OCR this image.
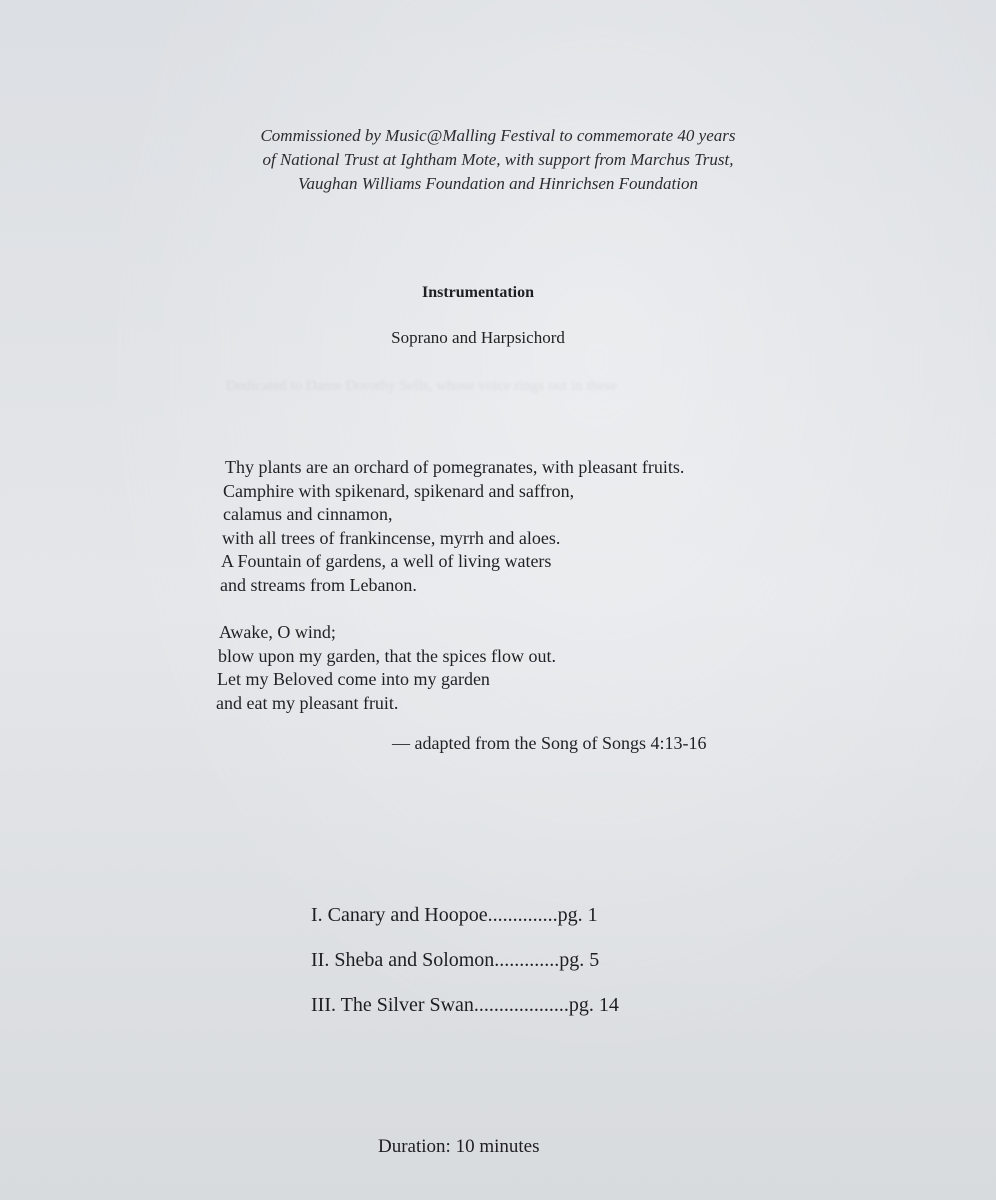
Commissioned by Music@Malling Festival to commemorate 40 years
of National Trust at Ightham Mote, with support from Marchus Trust,
Vaughan Williams Foundation and Hinrichsen Foundation
Instrumentation
Soprano and Harpsichord
Dedicated to Dame Dorothy Sells, whose voice rings out in these
Thy plants are an orchard of pomegranates, with pleasant fruits.
Camphire with spikenard, spikenard and saffron,
calamus and cinnamon,
with all trees of frankincense, myrrh and aloes.
A Fountain of gardens, a well of living waters
and streams from Lebanon.
Awake, O wind;
blow upon my garden, that the spices flow out.
Let my Beloved come into my garden
and eat my pleasant fruit.
— adapted from the Song of Songs 4:13-16
I. Canary and Hoopoe..............pg. 1
II. Sheba and Solomon.............pg. 5
III. The Silver Swan...................pg. 14
Duration: 10 minutes
